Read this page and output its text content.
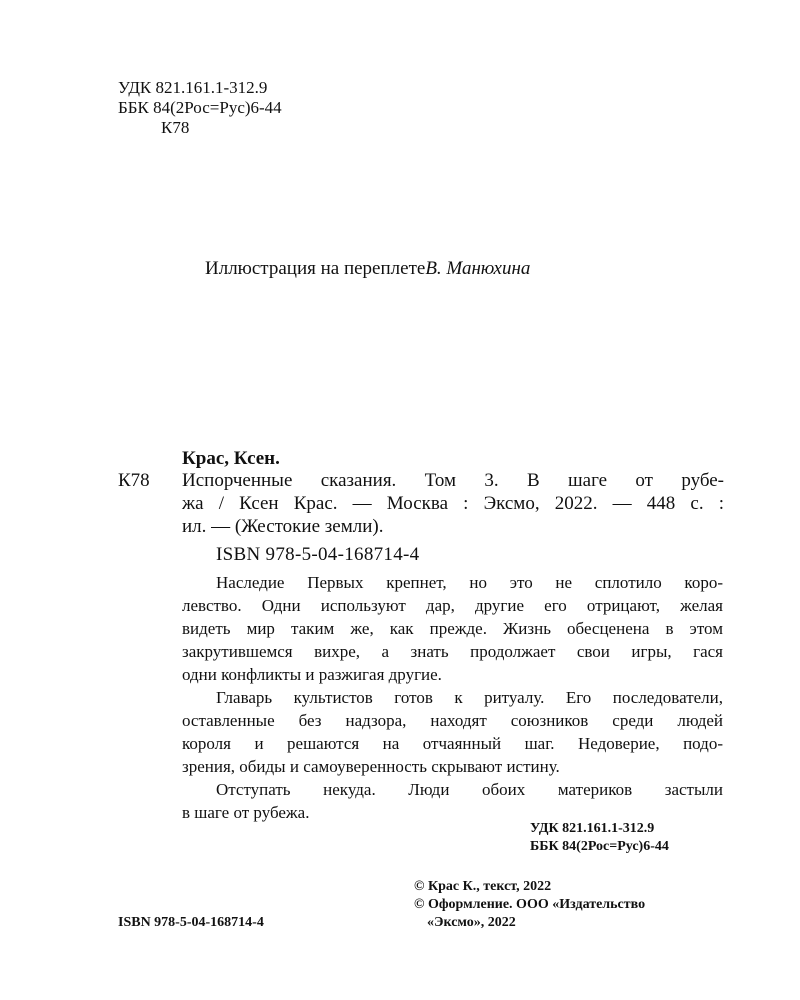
УДК 821.161.1-312.9
ББК 84(2Рос=Рус)6-44
К78
Иллюстрация на переплетеВ. Манюхина
Крас, Ксен.
К78 Испорченные сказания. Том 3. В шаге от рубе-
жа / Ксен Крас. — Москва : Эксмо, 2022. — 448 с. :
ил. — (Жестокие земли).
ISBN 978-5-04-168714-4
Наследие Первых крепнет, но это не сплотило коро-
левство. Одни используют дар, другие его отрицают, желая
видеть мир таким же, как прежде. Жизнь обесценена в этом
закрутившемся вихре, а знать продолжает свои игры, гася
одни конфликты и разжигая другие.
Главарь культистов готов к ритуалу. Его последователи,
оставленные без надзора, находят союзников среди людей
короля и решаются на отчаянный шаг. Недоверие, подо-
зрения, обиды и самоуверенность скрывают истину.
Отступать некуда. Люди обоих материков застыли
в шаге от рубежа.
УДК 821.161.1-312.9
ББК 84(2Рос=Рус)6-44
© Крас К., текст, 2022
© Оформление. ООО «Издательство
«Эксмо», 2022
ISBN 978-5-04-168714-4
